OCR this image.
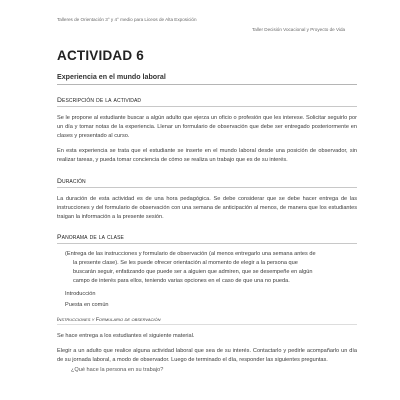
Talleres de Orientación 3° y 4° medio para Liceos de Alta Exposición
Taller Decisión Vocacional y Proyecto de Vida
ACTIVIDAD 6
Experiencia en el mundo laboral
Descripción de la actividad

Se le propone al estudiante buscar a algún adulto que ejerza un oficio o profesión que les interese. Solicitar seguirlo por un día y tomar notas de la experiencia. Llenar un formulario de observación que debe ser entregado posteriormente en clases y presentado al curso.

En esta experiencia se trata que el estudiante se inserte en el mundo laboral desde una posición de observador, sin realizar tareas, y pueda tomar conciencia de cómo se realiza un trabajo que es de su interés.

Duración

La duración de esta actividad es de una hora pedagógica. Se debe considerar que se debe hacer entrega de las instrucciones y del formulario de observación con una semana de anticipación al menos, de manera que los estudiantes traigan la información a la presente sesión.

Panorama de la clase
(Entrega de las instrucciones y formulario de observación (al menos entregarlo una semana antes de
la presente clase). Se les puede ofrecer orientación al momento de elegir a la persona que
buscarán seguir, enfatizando que puede ser a alguien que admiren, que se desempeñe en algún
campo de interés para ellos, teniendo varias opciones en el caso de que una no pueda.
Introducción
Puesta en común
Instrucciones y Formulario de observación

Se hace entrega a los estudiantes el siguiente material.

Elegir a un adulto que realice alguna actividad laboral que sea de su interés. Contactarlo y pedirle acompañarlo un día de su jornada laboral, a modo de observador. Luego de terminado el día, responder las siguientes preguntas.

¿Qué hace la persona en su trabajo?
